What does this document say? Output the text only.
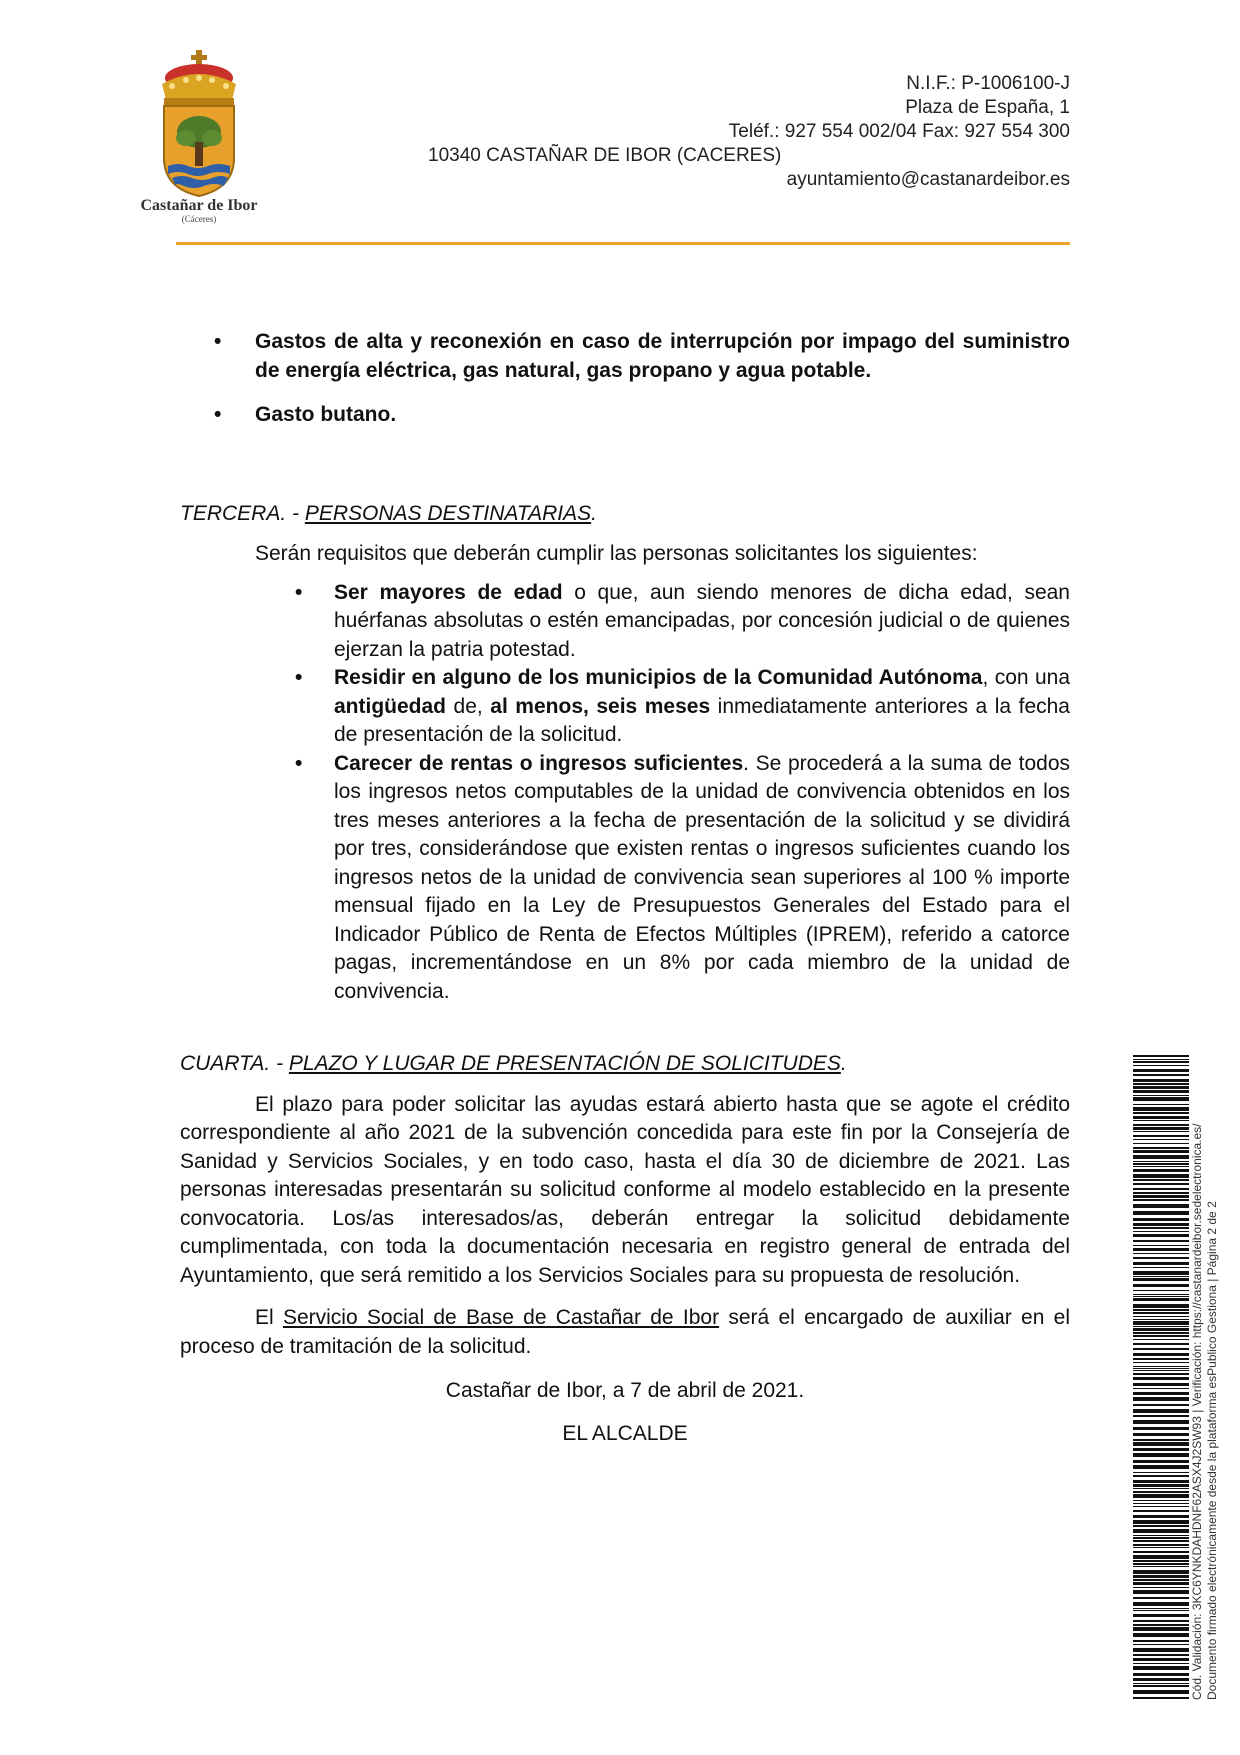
Castañar de Ibor
(Cáceres)
N.I.F.: P-1006100-J
Plaza de España, 1
Teléf.: 927 554 002/04 Fax: 927 554 300
10340 CASTAÑAR DE IBOR (CACERES)
ayuntamiento@castanardeibor.es
• Gastos de alta y reconexión en caso de interrupción por impago del suministro de energía eléctrica, gas natural, gas propano y agua potable.
• Gasto butano.
TERCERA. - PERSONAS DESTINATARIAS.

Serán requisitos que deberán cumplir las personas solicitantes los siguientes:

• Ser mayores de edad o que, aun siendo menores de dicha edad, sean huérfanas absolutas o estén emancipadas, por concesión judicial o de quienes ejerzan la patria potestad.
• Residir en alguno de los municipios de la Comunidad Autónoma, con una antigüedad de, al menos, seis meses inmediatamente anteriores a la fecha de presentación de la solicitud.
• Carecer de rentas o ingresos suficientes. Se procederá a la suma de todos los ingresos netos computables de la unidad de convivencia obtenidos en los tres meses anteriores a la fecha de presentación de la solicitud y se dividirá por tres, considerándose que existen rentas o ingresos suficientes cuando los ingresos netos de la unidad de convivencia sean superiores al 100 % importe mensual fijado en la Ley de Presupuestos Generales del Estado para el Indicador Público de Renta de Efectos Múltiples (IPREM), referido a catorce pagas, incrementándose en un 8% por cada miembro de la unidad de convivencia.
CUARTA. - PLAZO Y LUGAR DE PRESENTACIÓN DE SOLICITUDES.

El plazo para poder solicitar las ayudas estará abierto hasta que se agote el crédito correspondiente al año 2021 de la subvención concedida para este fin por la Consejería de Sanidad y Servicios Sociales, y en todo caso, hasta el día 30 de diciembre de 2021. Las personas interesadas presentarán su solicitud conforme al modelo establecido en la presente convocatoria. Los/as interesados/as, deberán entregar la solicitud debidamente cumplimentada, con toda la documentación necesaria en registro general de entrada del Ayuntamiento, que será remitido a los Servicios Sociales para su propuesta de resolución.

El Servicio Social de Base de Castañar de Ibor será el encargado de auxiliar en el proceso de tramitación de la solicitud.

Castañar de Ibor, a 7 de abril de 2021.
EL ALCALDE	Cód. Validación: 3KC6YNKDAHDNF62ASX4J2SW93 | Verificación: https://castanardeibor.sedelectronica.es/ Documento firmado electrónicamente desde la plataforma esPublico Gestiona | Página 2 de 2
